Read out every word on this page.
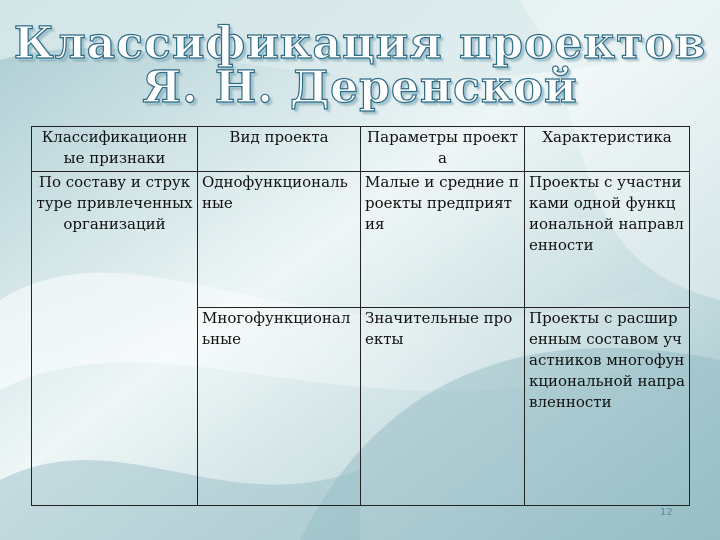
Классификация проектов
Я. Н. Деренской
Классификационные признаки	Вид проекта	Параметры проекта	Характеристика
По составу и структуре привлеченных организаций	Однофункциональные	Малые и средние проекты предприятия	Проекты с участниками одной функциональной направленности
	Многофункциональные	Значительные проекты	Проекты с расширенным составом участников многофункциональной направленности
12
